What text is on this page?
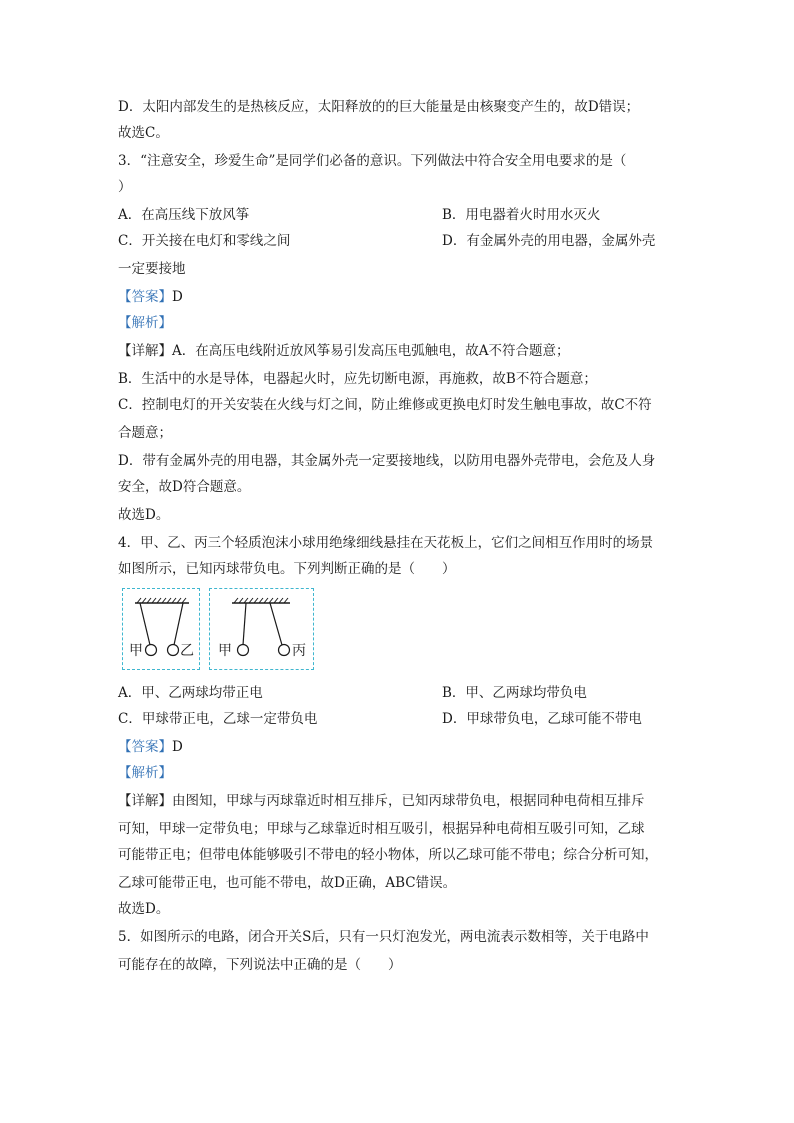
D．太阳内部发生的是热核反应，太阳释放的的巨大能量是由核聚变产生的，故D错误；
故选C。
3．“注意安全，珍爱生命”是同学们必备的意识。下列做法中符合安全用电要求的是（
）
A．在高压线下放风筝	B．用电器着火时用水灭火
C．开关接在电灯和零线之间	D．有金属外壳的用电器，金属外壳
一定要接地
【答案】D
【解析】
【详解】A．在高压电线附近放风筝易引发高压电弧触电，故A不符合题意；
B．生活中的水是导体，电器起火时，应先切断电源，再施救，故B不符合题意；
C．控制电灯的开关安装在火线与灯之间，防止维修或更换电灯时发生触电事故，故C不符
合题意；
D．带有金属外壳的用电器，其金属外壳一定要接地线，以防用电器外壳带电，会危及人身
安全，故D符合题意。
故选D。
4．甲、乙、丙三个轻质泡沫小球用绝缘细线悬挂在天花板上，它们之间相互作用时的场景
如图所示，已知丙球带负电。下列判断正确的是（　　）
甲	乙 甲	丙
A．甲、乙两球均带正电	B．甲、乙两球均带负电
C．甲球带正电，乙球一定带负电	D．甲球带负电，乙球可能不带电
【答案】D
【解析】
【详解】由图知，甲球与丙球靠近时相互排斥，已知丙球带负电，根据同种电荷相互排斥
可知，甲球一定带负电；甲球与乙球靠近时相互吸引，根据异种电荷相互吸引可知，乙球
可能带正电；但带电体能够吸引不带电的轻小物体，所以乙球可能不带电；综合分析可知，
乙球可能带正电，也可能不带电，故D正确，ABC错误。
故选D。
5．如图所示的电路，闭合开关S后，只有一只灯泡发光，两电流表示数相等，关于电路中
可能存在的故障，下列说法中正确的是（　　）
